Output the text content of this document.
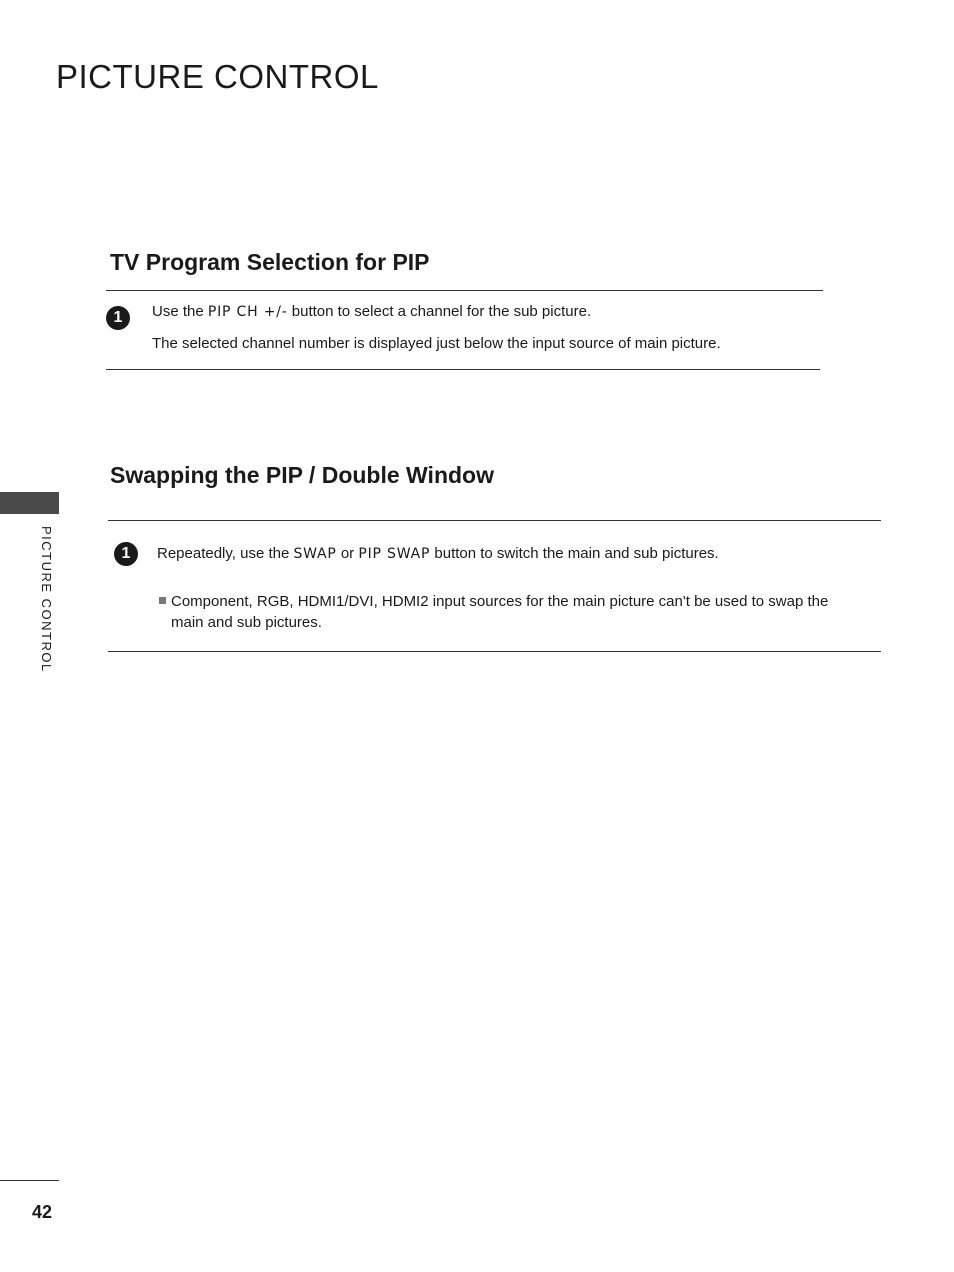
PICTURE CONTROL
TV Program Selection for PIP
1	Use the PIP CH +/- button to select a channel for the sub picture.
The selected channel number is displayed just below the input source of main picture.
Swapping the PIP / Double Window
1	Repeatedly, use the SWAP or PIP SWAP button to switch the main and sub pictures.
Component, RGB, HDMI1/DVI, HDMI2 input sources for the main picture can't be used to swap the
main and sub pictures.
PICTURE CONTROL
42
